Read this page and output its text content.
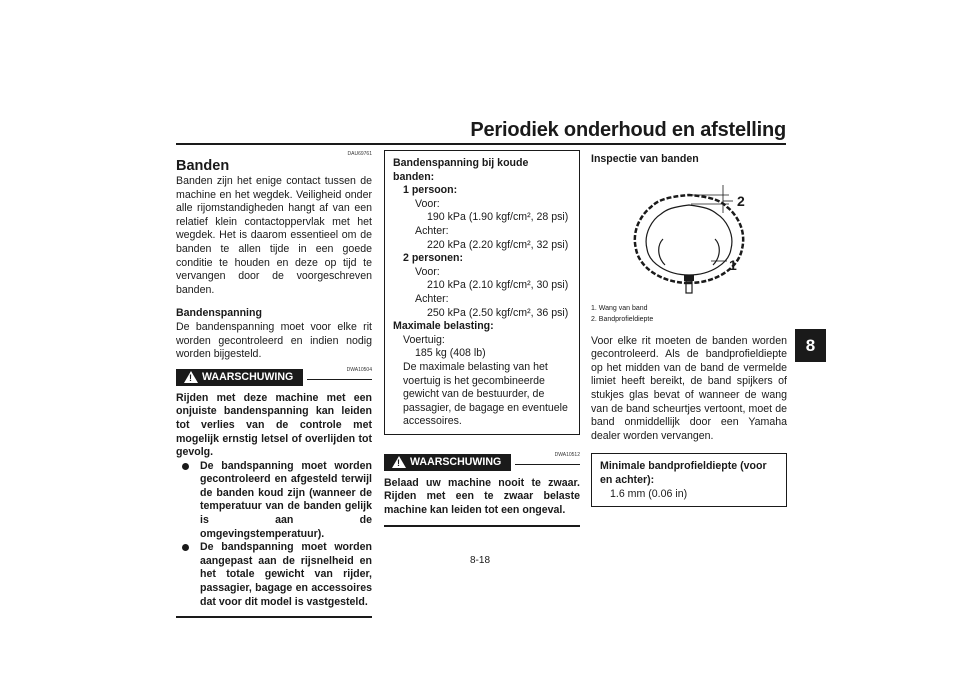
Periodiek onderhoud en afstelling
8
DAU69761
Banden

Banden zijn het enige contact tussen de machine en het wegdek. Veiligheid onder alle rijomstandigheden hangt af van een relatief klein contactoppervlak met het wegdek. Het is daarom essentieel om de banden te allen tijde in een goede conditie te houden en deze op tijd te vervangen door de voorgeschreven banden.

Bandenspanning

De bandenspanning moet voor elke rit worden gecontroleerd en indien nodig worden bijgesteld.

! WAARSCHUWING
DWA10504

Rijden met deze machine met een onjuiste bandenspanning kan leiden tot verlies van de controle met mogelijk ernstig letsel of overlijden tot gevolg.

De bandspanning moet worden gecontroleerd en afgesteld terwijl de banden koud zijn (wanneer de temperatuur van de banden gelijk is aan de omgevingstemperatuur).
De bandspanning moet worden aangepast aan de rijsnelheid en het totale gewicht van rijder, passagier, bagage en accessoires dat voor dit model is vastgesteld.
Bandenspanning bij koude banden:
1 persoon:
Voor:
190 kPa (1.90 kgf/cm², 28 psi)
Achter:
220 kPa (2.20 kgf/cm², 32 psi)
2 personen:
Voor:
210 kPa (2.10 kgf/cm², 30 psi)
Achter:
250 kPa (2.50 kgf/cm², 36 psi)
Maximale belasting:
Voertuig:
185 kg (408 lb)
De maximale belasting van het voertuig is het gecombineerde gewicht van de bestuurder, de passagier, de bagage en eventuele accessoires.
! WAARSCHUWING
DWA10512

Belaad uw machine nooit te zwaar. Rijden met een te zwaar belaste machine kan leiden tot een ongeval.

Inspectie van banden
2
1
1. Wang van band
2. Bandprofieldiepte

Voor elke rit moeten de banden worden gecontroleerd. Als de bandprofieldiepte op het midden van de band de vermelde limiet heeft bereikt, de band spijkers of stukjes glas bevat of wanneer de wang van de band scheurtjes vertoont, moet de band onmiddellijk door een Yamaha dealer worden vervangen.

Minimale bandprofieldiepte (voor en achter):
1.6 mm (0.06 in)
8-18
